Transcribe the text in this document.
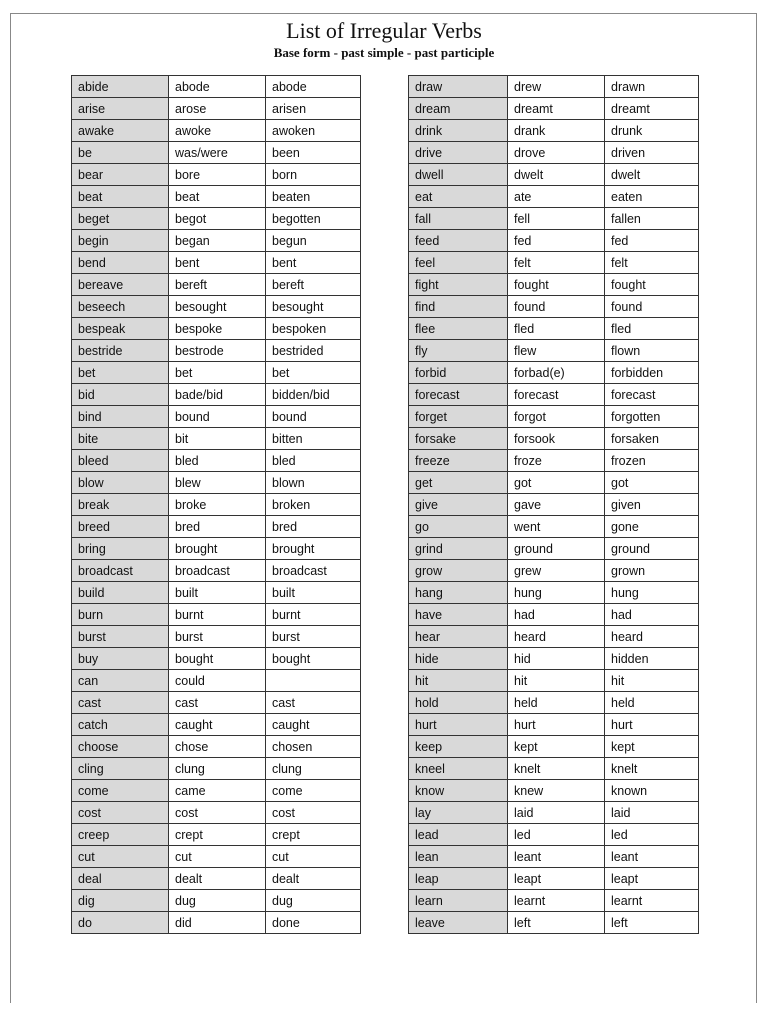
List of Irregular Verbs
Base form - past simple - past participle
abide	abode	abode
arise	arose	arisen
awake	awoke	awoken
be	was/were	been
bear	bore	born
beat	beat	beaten
beget	begot	begotten
begin	began	begun
bend	bent	bent
bereave	bereft	bereft
beseech	besought	besought
bespeak	bespoke	bespoken
bestride	bestrode	bestrided
bet	bet	bet
bid	bade/bid	bidden/bid
bind	bound	bound
bite	bit	bitten
bleed	bled	bled
blow	blew	blown
break	broke	broken
breed	bred	bred
bring	brought	brought
broadcast	broadcast	broadcast
build	built	built
burn	burnt	burnt
burst	burst	burst
buy	bought	bought
can	could	
cast	cast	cast
catch	caught	caught
choose	chose	chosen
cling	clung	clung
come	came	come
cost	cost	cost
creep	crept	crept
cut	cut	cut
deal	dealt	dealt
dig	dug	dug
do	did	done
draw	drew	drawn
dream	dreamt	dreamt
drink	drank	drunk
drive	drove	driven
dwell	dwelt	dwelt
eat	ate	eaten
fall	fell	fallen
feed	fed	fed
feel	felt	felt
fight	fought	fought
find	found	found
flee	fled	fled
fly	flew	flown
forbid	forbad(e)	forbidden
forecast	forecast	forecast
forget	forgot	forgotten
forsake	forsook	forsaken
freeze	froze	frozen
get	got	got
give	gave	given
go	went	gone
grind	ground	ground
grow	grew	grown
hang	hung	hung
have	had	had
hear	heard	heard
hide	hid	hidden
hit	hit	hit
hold	held	held
hurt	hurt	hurt
keep	kept	kept
kneel	knelt	knelt
know	knew	known
lay	laid	laid
lead	led	led
lean	leant	leant
leap	leapt	leapt
learn	learnt	learnt
leave	left	left
